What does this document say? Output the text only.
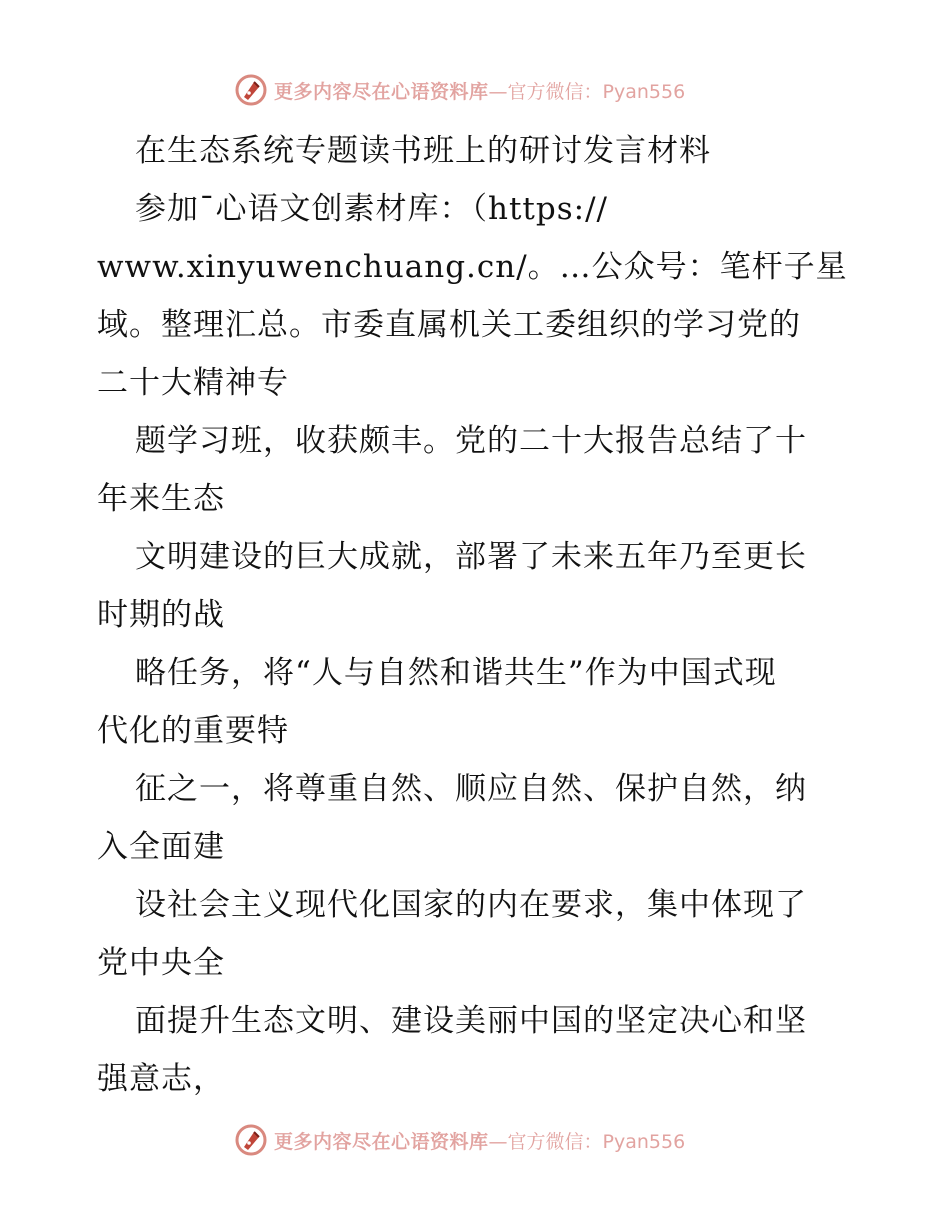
更多内容尽在心语资料库 —官方微信：Pyan556
在生态系统专题读书班上的研讨发言材料
参加¯心语文创素材库：（https://
www.xinyuwenchuang.cn/。…公众号：笔杆子星
域。整理汇总。市委直属机关工委组织的学习党的
二十大精神专
题学习班，收获颇丰。党的二十大报告总结了十
年来生态
文明建设的巨大成就，部署了未来五年乃至更长
时期的战
略任务，将“人与自然和谐共生”作为中国式现
代化的重要特
征之一，将尊重自然、顺应自然、保护自然，纳
入全面建
设社会主义现代化国家的内在要求，集中体现了
党中央全
面提升生态文明、建设美丽中国的坚定决心和坚
强意志，
更多内容尽在心语资料库 —官方微信：Pyan556
